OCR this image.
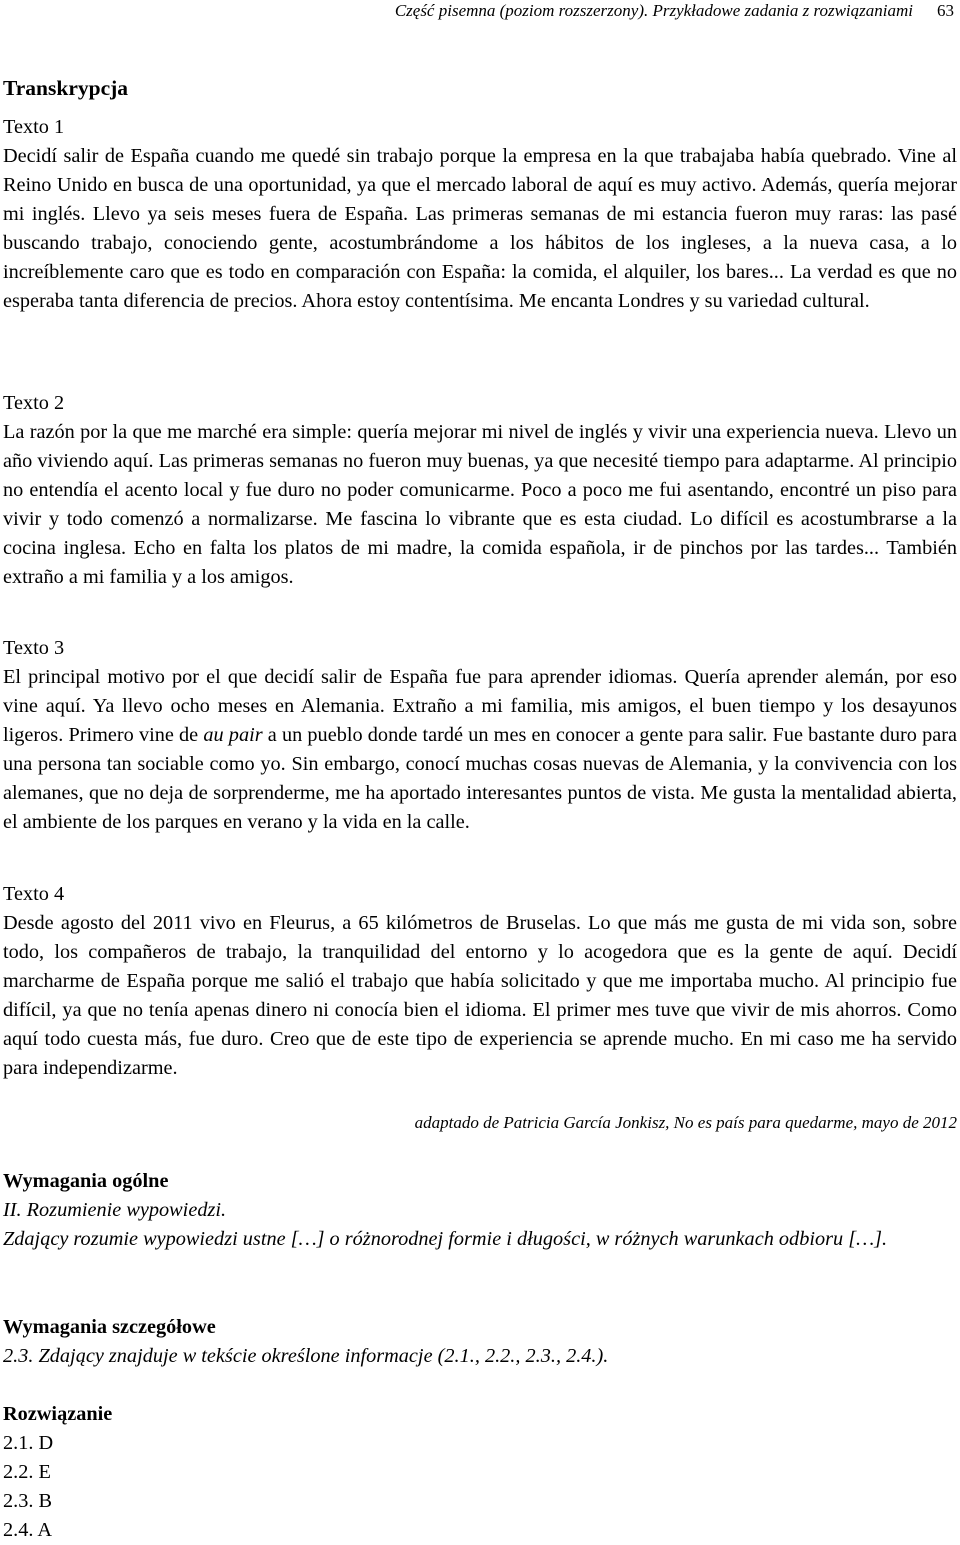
Część pisemna (poziom rozszerzony). Przykładowe zadania z rozwiązaniami 63
Transkrypcja

Texto 1

Decidí salir de España cuando me quedé sin trabajo porque la empresa en la que trabajaba había quebrado. Vine al Reino Unido en busca de una oportunidad, ya que el mercado laboral de aquí es muy activo. Además, quería mejorar mi inglés. Llevo ya seis meses fuera de España. Las primeras semanas de mi estancia fueron muy raras: las pasé buscando trabajo, conociendo gente, acostumbrándome a los hábitos de los ingleses, a la nueva casa, a lo increíblemente caro que es todo en comparación con España: la comida, el alquiler, los bares... La verdad es que no esperaba tanta diferencia de precios. Ahora estoy contentísima. Me encanta Londres y su variedad cultural.

Texto 2

La razón por la que me marché era simple: quería mejorar mi nivel de inglés y vivir una experiencia nueva. Llevo un año viviendo aquí. Las primeras semanas no fueron muy buenas, ya que necesité tiempo para adaptarme. Al principio no entendía el acento local y fue duro no poder comunicarme. Poco a poco me fui asentando, encontré un piso para vivir y todo comenzó a normalizarse. Me fascina lo vibrante que es esta ciudad. Lo difícil es acostumbrarse a la cocina inglesa. Echo en falta los platos de mi madre, la comida española, ir de pinchos por las tardes... También extraño a mi familia y a los amigos.

Texto 3

El principal motivo por el que decidí salir de España fue para aprender idiomas. Quería aprender alemán, por eso vine aquí. Ya llevo ocho meses en Alemania. Extraño a mi familia, mis amigos, el buen tiempo y los desayunos ligeros. Primero vine de au pair a un pueblo donde tardé un mes en conocer a gente para salir. Fue bastante duro para una persona tan sociable como yo. Sin embargo, conocí muchas cosas nuevas de Alemania, y la convivencia con los alemanes, que no deja de sorprenderme, me ha aportado interesantes puntos de vista. Me gusta la mentalidad abierta, el ambiente de los parques en verano y la vida en la calle.

Texto 4

Desde agosto del 2011 vivo en Fleurus, a 65 kilómetros de Bruselas. Lo que más me gusta de mi vida son, sobre todo, los compañeros de trabajo, la tranquilidad del entorno y lo acogedora que es la gente de aquí. Decidí marcharme de España porque me salió el trabajo que había solicitado y que me importaba mucho. Al principio fue difícil, ya que no tenía apenas dinero ni conocía bien el idioma. El primer mes tuve que vivir de mis ahorros. Como aquí todo cuesta más, fue duro. Creo que de este tipo de experiencia se aprende mucho. En mi caso me ha servido para independizarme.

adaptado de Patricia García Jonkisz, No es país para quedarme, mayo de 2012

Wymagania ogólne

II. Rozumienie wypowiedzi.

Zdający rozumie wypowiedzi ustne […] o różnorodnej formie i długości, w różnych warunkach odbioru […].

Wymagania szczegółowe

2.3. Zdający znajduje w tekście określone informacje (2.1., 2.2., 2.3., 2.4.).

Rozwiązanie

2.1. D
2.2. E
2.3. B
2.4. A
